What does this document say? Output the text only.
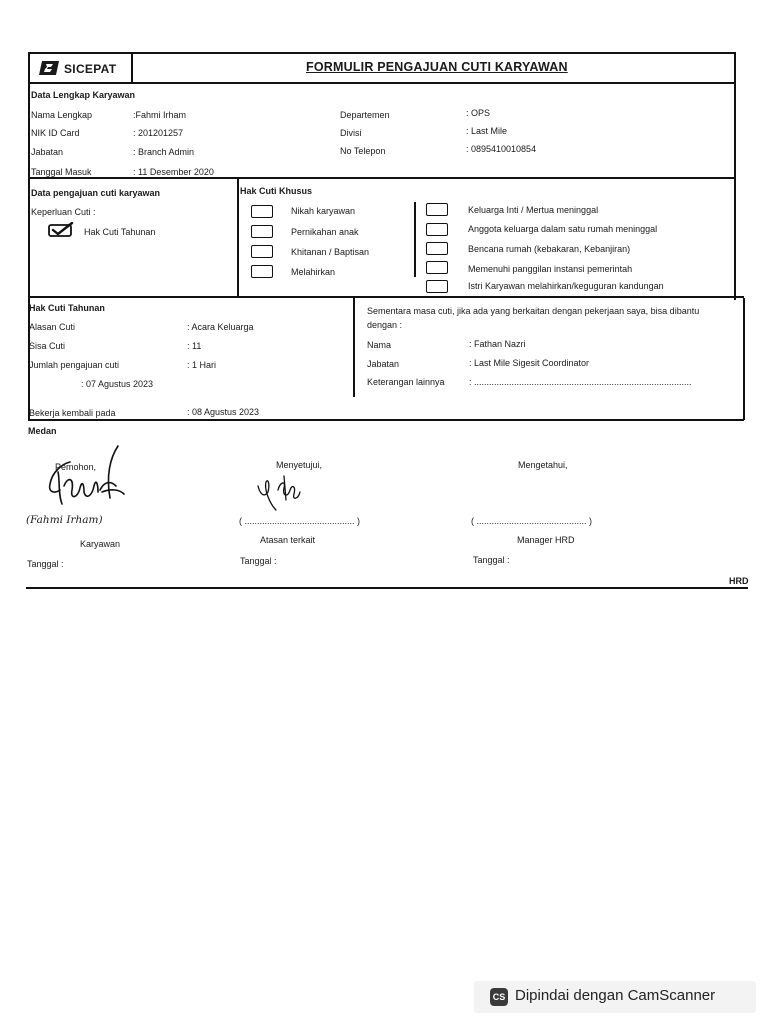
SICEPAT	FORMULIR PENGAJUAN CUTI KARYAWAN
Data Lengkap Karyawan
Nama Lengkap	:Fahmi Irham
NIK ID Card	: 201201257
Jabatan	: Branch Admin
Tanggal Masuk	: 11 Desember 2020
Departemen	: OPS
Divisi	: Last Mile
No Telepon	: 0895410010854
Data pengajuan cuti karyawan
Keperluan Cuti :
Hak Cuti Tahunan
Hak Cuti Khusus
Nikah karyawan
Pernikahan anak
Khitanan / Baptisan
Melahirkan
Keluarga Inti / Mertua meninggal
Anggota keluarga dalam satu rumah meninggal
Bencana rumah (kebakaran, Kebanjiran)
Memenuhi panggilan instansi pemerintah
Istri Karyawan melahirkan/keguguran kandungan
Hak Cuti Tahunan
Alasan Cuti	: Acara Keluarga
Sisa Cuti	: 11
Jumlah pengajuan cuti	: 1 Hari
: 07 Agustus 2023
Bekerja kembali pada	: 08 Agustus 2023
Medan
Sementara masa cuti, jika ada yang berkaitan dengan pekerjaan saya, bisa dibantu
dengan :
Nama	: Fathan Nazri
Jabatan	: Last Mile Sigesit Coordinator
Keterangan lainnya	: .......................................................................................
Pemohon,
(Fahmi Irham)
Karyawan
Tanggal :
Menyetujui,
( ............................................ )
Atasan terkait
Tanggal :
Mengetahui,
( ............................................ )
Manager HRD
Tanggal :
HRD
CS Dipindai dengan CamScanner
